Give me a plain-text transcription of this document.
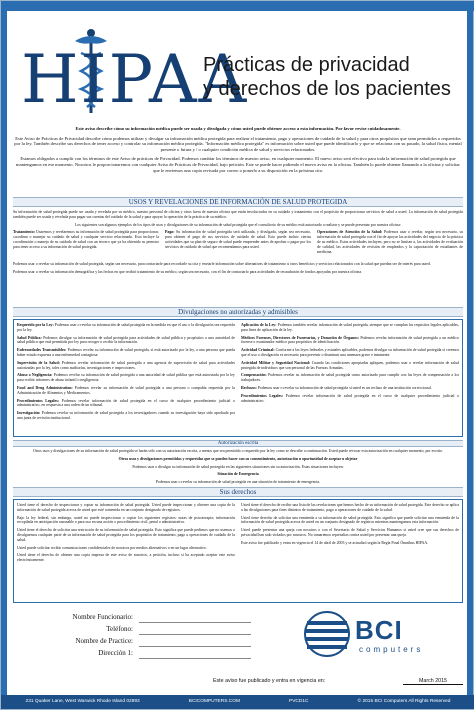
HIPAA
Prácticas de privacidad
y derechos de los pacientes

Este aviso describe cómo su información médica puede ser usada y divulgada y cómo usted puede obtener acceso a esta información. Por favor revise cuidadosamente.

Este Aviso de Prácticas de Privacidad describe cómo podemos utilizar y divulgar su información médica protegida para realizar el tratamiento, pago y operaciones de cuidado de la salud y para otros propósitos que sean permitidos o requeridos por la ley. También describe sus derechos de tener acceso y controlar su información médica protegida. "Información médica protegida" es información sobre usted que puede identificarlo y que se relaciona con su pasado, la salud física, mental presente o futura y / o cualquier condición médica de salud y servicios relacionados.

Estamos obligados a cumplir con los términos de este Aviso de prácticas de Privacidad. Podemos cambiar los términos de nuestro aviso, en cualquier momento. El nuevo aviso será efectivo para toda la información de salud protegida que mantengamos en ese momento. Nosotros le proporcionaremos con cualquier Aviso de Prácticas de Privacidad, bajo petición. Este se puede hacer pidiendo el nuevo aviso en la oficina. También lo puede obtener llamando a la oficina y solicitar que le enviemos una copia revisada por correo o ponerlo a su disposición en la próxima cita.

USOS Y REVELACIONES DE INFORMACIÓN DE SALUD PROTEGIDA

Su información de salud protegida puede ser usada y revelada por su médico, nuestro personal de oficina y otros fuera de nuestra oficina que están involucrados en su cuidado y tratamiento con el propósito de proporcionar servicios de salud a usted. La información de salud protegida también puede ser usada y revelada para pagar sus cuentas del cuidado de la salud y para apoyar la operación de la práctica de su médico.

Los siguientes son algunos ejemplos de los tipos de usos y divulgaciones de su información de salud protegida que el consultorio de su médico está autorizado a realizar y se puede presentar por nuestra oficina:

Tratamiento: Usaremos y revelaremos su información de salud protegida para proporcionar, coordinar o manejar su cuidado de salud y cualquier servicio relacionado. Esto incluye la coordinación o manejo de su cuidado de salud con un tercero que ya ha obtenido su permiso para tener acceso a su información de salud protegida.
Pago: Su información de salud protegida será utilizada, y divulgada, según sea necesario, para obtener el pago de sus servicios de cuidado de salud. Esto puede incluir ciertas actividades que su plan de seguro de salud puede emprender antes de aprobar o pagar por los servicios de cuidado de salud que recomendamos para usted.
Operaciones de Atención de la Salud: Podemos usar o revelar, según sea necesario, su información de salud protegida con el fin de apoyar las actividades del negocio de la práctica de su médico. Estas actividades incluyen, pero no se limitan a, las actividades de evaluación de calidad, las actividades de revisión de empleados y la capacitación de estudiantes de medicina.

Podemos usar o revelar su información de salud protegida, según sea necesario, para contactarle para recordarle su cita y enviarle información sobre alternativas de tratamiento u otros beneficios y servicios relacionados con la salud que puedan ser de interés para usted.

Podemos usar o revelar su información demográfica y las fechas en que recibió tratamiento de su médico, según sea necesario, con el fin de contactarlo para actividades de recaudación de fondos apoyadas por nuestra oficina.

Divulgaciones no autorizadas y admisibles

Requerido por la Ley: Podemos usar o revelar su información de salud protegida en la medida en que el uso o la divulgación sea requerida por la ley.

Salud Pública: Podemos divulgar su información de salud protegida para actividades de salud pública y propósitos a una autoridad de salud pública que está permitida por ley para recoger o recibir la información.

Enfermedades Transmisibles: Podemos revelar su información de salud protegida, si está autorizado por la ley, a una persona que pueda haber estado expuesta a una enfermedad contagiosa.

Supervisión de la Salud: Podemos revelar información de salud protegida a una agencia de supervisión de salud para actividades autorizadas por la ley, tales como auditorías, investigaciones e inspecciones.

Abuso o Negligencia: Podemos revelar su información de salud protegida a una autoridad de salud pública que está autorizada por la ley para recibir informes de abuso infantil o negligencia.

Food and Drug Administration: Podemos revelar su información de salud protegida a una persona o compañía requerida por la Administración de Alimentos y Medicamentos.

Procedimientos Legales: Podemos revelar información de salud protegida en el curso de cualquier procedimiento judicial o administrativo, en respuesta a una orden de un tribunal.

Investigación: Podemos revelar su información de salud protegida a los investigadores cuando su investigación haya sido aprobada por una junta de revisión institucional.

Aplicación de la Ley: Podemos también revelar información de salud protegida, siempre que se cumplan los requisitos legales aplicables, para fines de aplicación de la ley.

Médicos Forenses, Directores de Funerarias, y Donación de Órganos: Podemos revelar información de salud protegida a un médico forense o examinador médico para propósitos de identificación.

Actividad Criminal: Conforme a las leyes federales y estatales aplicables, podemos divulgar su información de salud protegida si creemos que el uso o divulgación es necesario para prevenir o disminuir una amenaza grave e inminente.

Actividad Militar y Seguridad Nacional: Cuando las condiciones apropiadas apliquen, podemos usar o revelar información de salud protegida de individuos que son personal de las Fuerzas Armadas.

Compensación: Podemos revelar su información de salud protegida como autorizado para cumplir con las leyes de compensación a los trabajadores.

Reclusos: Podemos usar o revelar su información de salud protegida si usted es un recluso de una institución correccional.

Procedimientos Legales: Podemos revelar información de salud protegida en el curso de cualquier procedimiento judicial o administrativo.

Autorización escrita

Otros usos y divulgaciones de su información de salud protegida se harán sólo con su autorización escrita, a menos que sea permitido o requerido por la ley como se describe a continuación. Usted puede revocar esta autorización en cualquier momento, por escrito.

Otros usos y divulgaciones permitidas y requeridas que se pueden hacer con su consentimiento, autorización u oportunidad de aceptar u objetar

Podemos usar o divulgar su información de salud protegida en las siguientes situaciones sin su autorización. Estas situaciones incluyen:

Situación de Emergencia

Podemos usar o revelar su información de salud protegida en una situación de tratamiento de emergencia.

Sus derechos

Usted tiene el derecho de inspeccionar y copiar su información de salud protegida. Usted puede inspeccionar y obtener una copia de la información de salud protegida acerca de usted que esté contenida en un conjunto designado de registros.

Bajo la ley federal, sin embargo, usted no puede inspeccionar o copiar los siguientes registros: notas de psicoterapia; información recopilada en anticipación razonable o para uso en una acción o procedimiento civil, penal o administrativo.

Usted tiene el derecho de solicitar una restricción de su información de salud protegida. Esto significa que puede pedirnos que no usemos o divulguemos cualquier parte de su información de salud protegida para los propósitos de tratamiento, pago u operaciones de cuidado de la salud.

Usted puede solicitar recibir comunicaciones confidenciales de nosotros por medios alternativos o en un lugar alternativo.

Usted tiene el derecho de obtener una copia impresa de este aviso de nosotros, a petición, incluso si ha aceptado aceptar este aviso electrónicamente.

Usted tiene el derecho de recibir una lista de las revelaciones que hemos hecho de su información de salud protegida. Este derecho se aplica a las divulgaciones para fines distintos de tratamiento, pago u operaciones de cuidado de la salud.

Usted tiene derecho de solicitar una enmienda a su información de salud protegida. Esto significa que puede solicitar una enmienda de la información de salud protegida acerca de usted en un conjunto designado de registros mientras mantengamos esta información.

Usted puede presentar una queja con nosotros o con el Secretario de Salud y Servicios Humanos si usted cree que sus derechos de privacidad han sido violados por nosotros. No tomaremos represalias contra usted por presentar una queja.

Este aviso fue publicado y entra en vigencia el 14 de abril de 2003 y se actualizó según la Regla Final Ómnibus HIPAA.

Nombre Funcionario:
Teléfono:
Nombre de Practice:
Dirección 1:
BCI
computers
Este aviso fue publicado y entra en vigencia en:	March 2015
231 Quaker Lane, West Warwick Rhode Island 02893	BCICOMPUTERS.COM	PVCD1C	© 2015 BCI Computers All Rights Reserved
